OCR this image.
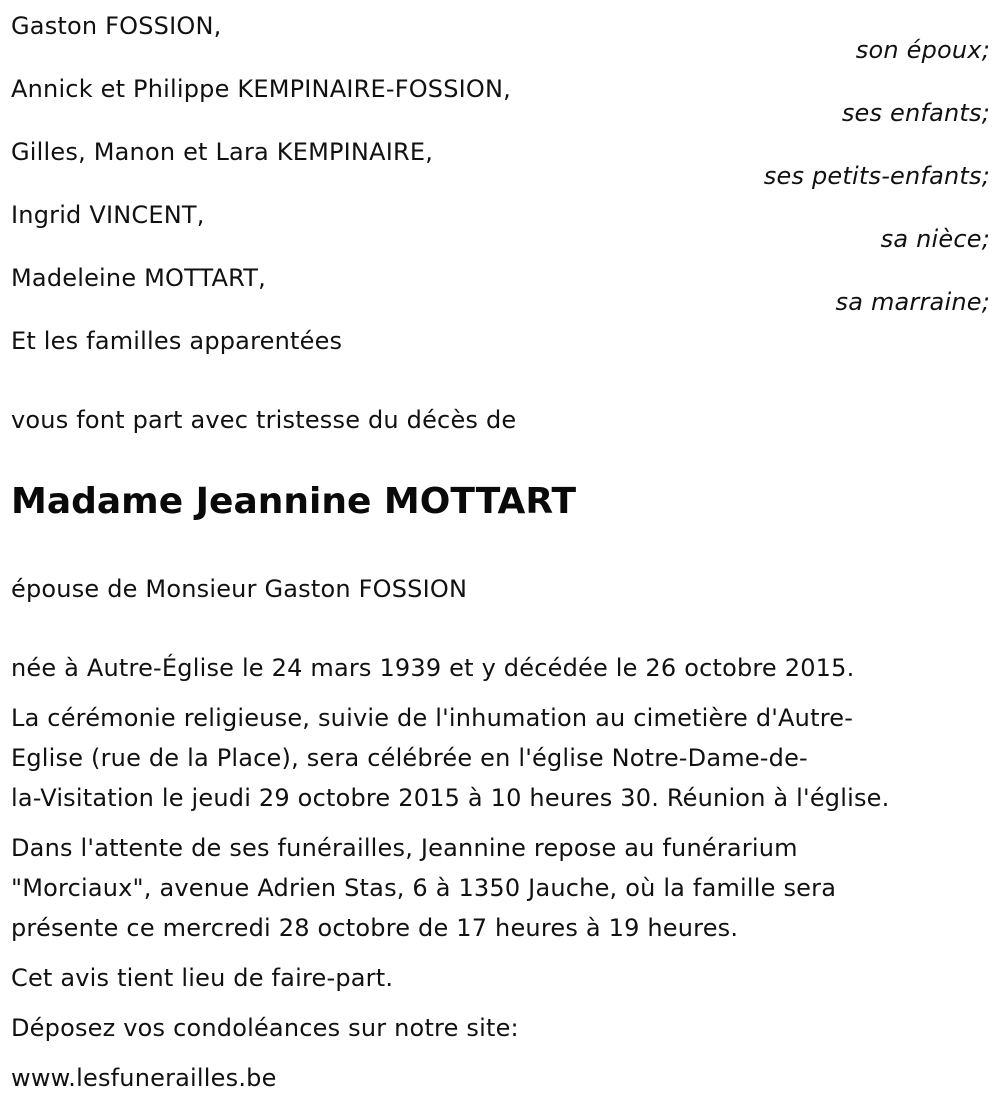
Gaston FOSSION,
son époux;
Annick et Philippe KEMPINAIRE-FOSSION,
ses enfants;
Gilles, Manon et Lara KEMPINAIRE,
ses petits-enfants;
Ingrid VINCENT,
sa nièce;
Madeleine MOTTART,
sa marraine;
Et les familles apparentées
vous font part avec tristesse du décès de
Madame Jeannine MOTTART
épouse de Monsieur Gaston FOSSION
née à Autre-Église le 24 mars 1939 et y décédée le 26 octobre 2015.
La cérémonie religieuse, suivie de l'inhumation au cimetière d'Autre-
Eglise (rue de la Place), sera célébrée en l'église Notre-Dame-de-
la-Visitation le jeudi 29 octobre 2015 à 10 heures 30. Réunion à l'église.
Dans l'attente de ses funérailles, Jeannine repose au funérarium
"Morciaux", avenue Adrien Stas, 6 à 1350 Jauche, où la famille sera
présente ce mercredi 28 octobre de 17 heures à 19 heures.
Cet avis tient lieu de faire-part.
Déposez vos condoléances sur notre site:
www.lesfunerailles.be
